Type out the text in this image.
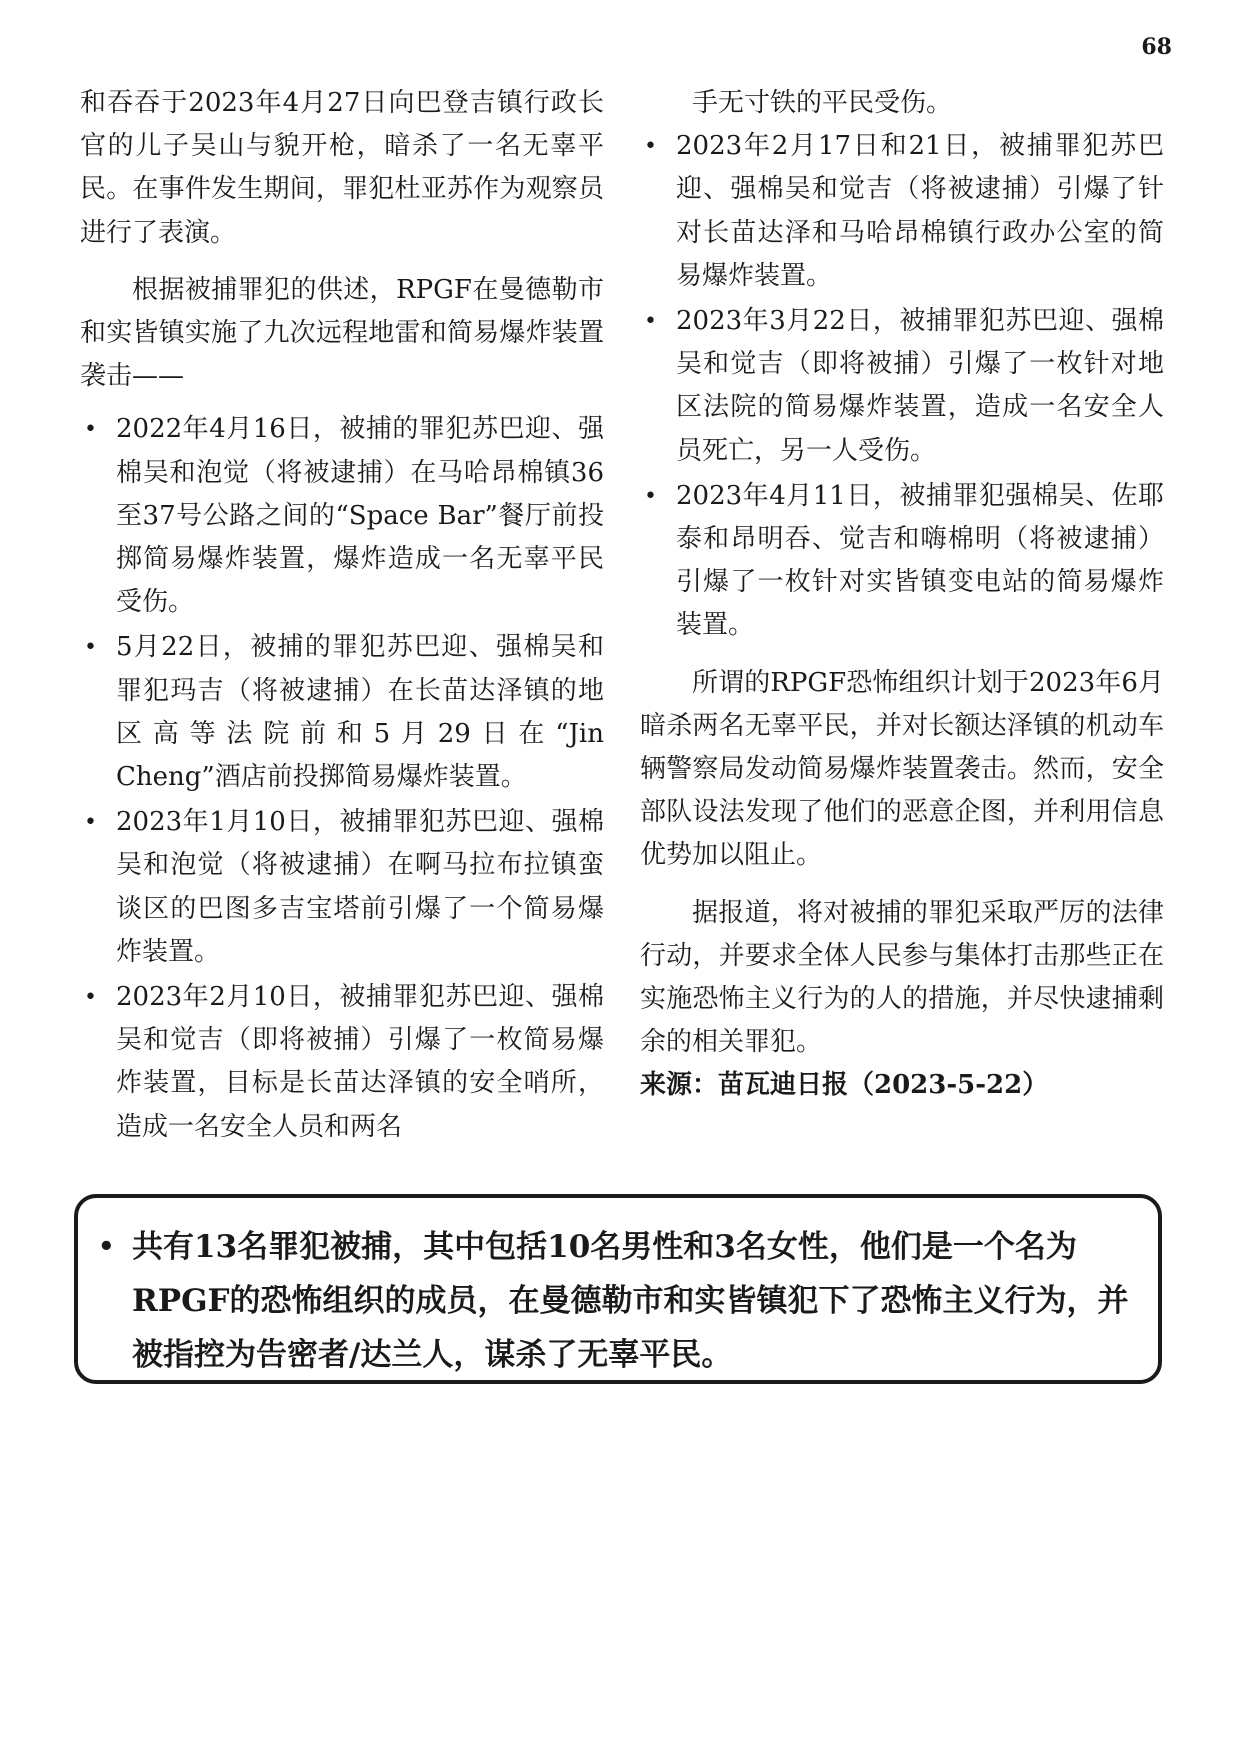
68

和吞吞于2023年4月27日向巴登吉镇行政长官的儿子吴山与貌开枪，暗杀了一名无辜平民。在事件发生期间，罪犯杜亚苏作为观察员进行了表演。

根据被捕罪犯的供述，RPGF在曼德勒市和实皆镇实施了九次远程地雷和简易爆炸装置袭击——

• 2022年4月16日，被捕的罪犯苏巴迎、强棉吴和泡觉（将被逮捕）在马哈昂棉镇36至37号公路之间的“Space Bar”餐厅前投掷简易爆炸装置，爆炸造成一名无辜平民受伤。
• 5月22日，被捕的罪犯苏巴迎、强棉吴和罪犯玛吉（将被逮捕）在长苗达泽镇的地区高等法院前和5月29日在“Jin Cheng”酒店前投掷简易爆炸装置。
• 2023年1月10日，被捕罪犯苏巴迎、强棉吴和泡觉（将被逮捕）在啊马拉布拉镇蛮谈区的巴图多吉宝塔前引爆了一个简易爆炸装置。
• 2023年2月10日，被捕罪犯苏巴迎、强棉吴和觉吉（即将被捕）引爆了一枚简易爆炸装置，目标是长苗达泽镇的安全哨所，造成一名安全人员和两名

手无寸铁的平民受伤。

• 2023年2月17日和21日，被捕罪犯苏巴迎、强棉吴和觉吉（将被逮捕）引爆了针对长苗达泽和马哈昂棉镇行政办公室的简易爆炸装置。
• 2023年3月22日，被捕罪犯苏巴迎、强棉吴和觉吉（即将被捕）引爆了一枚针对地区法院的简易爆炸装置，造成一名安全人员死亡，另一人受伤。
• 2023年4月11日，被捕罪犯强棉吴、佐耶泰和昂明吞、觉吉和嗨棉明（将被逮捕）引爆了一枚针对实皆镇变电站的简易爆炸装置。

所谓的RPGF恐怖组织计划于2023年6月暗杀两名无辜平民，并对长额达泽镇的机动车辆警察局发动简易爆炸装置袭击。然而，安全部队设法发现了他们的恶意企图，并利用信息优势加以阻止。

据报道，将对被捕的罪犯采取严厉的法律行动，并要求全体人民参与集体打击那些正在实施恐怖主义行为的人的措施，并尽快逮捕剩余的相关罪犯。

来源：苗瓦迪日报（2023-5-22）

• 共有13名罪犯被捕，其中包括10名男性和3名女性，他们是一个名为RPGF的恐怖组织的成员，在曼德勒市和实皆镇犯下了恐怖主义行为，并被指控为告密者/达兰人，谋杀了无辜平民。
